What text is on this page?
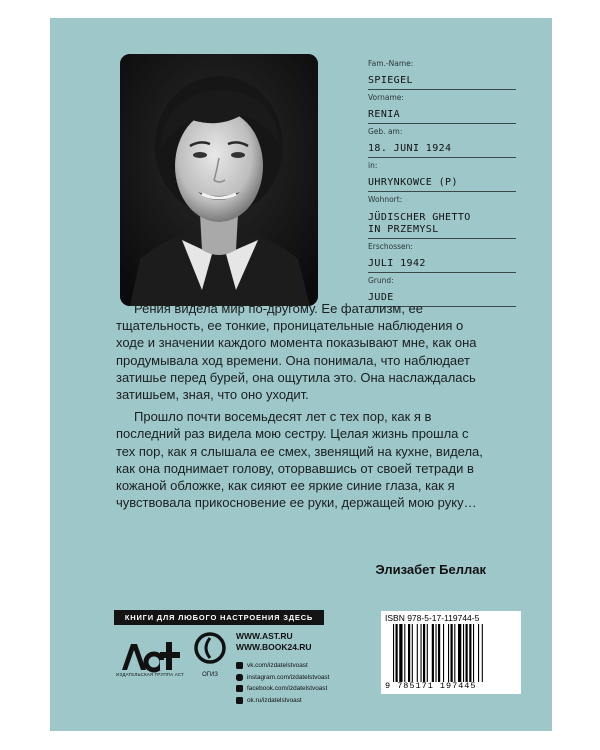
Fam.-Name:
SPIEGEL
Vorname:
RENIA
Geb. am:
18. JUNI 1924
in:
UHRYNKOWCE (P)
Wohnort:
JÜDISCHER GHETTO
IN PRZEMYSL
Erschossen:
JULI 1942
Grund:
JUDE

Рения видела мир по-другому. Ее фатализм, ее тщательность, ее тонкие, проницательные наблюдения о ходе и значении каждого момента показывают мне, как она продумывала ход времени. Она понимала, что наблюдает затишье перед бурей, она ощутила это. Она наслаждалась затишьем, зная, что оно уходит.

Прошло почти восемьдесят лет с тех пор, как я в последний раз видела мою сестру. Целая жизнь прошла с тех пор, как я слышала ее смех, звенящий на кухне, видела, как она поднимает голову, оторвавшись от своей тетради в кожаной обложке, как сияют ее яркие синие глаза, как я чувствовала прикосновение ее руки, держащей мою руку…

Элизабет Беллак
КНИГИ ДЛЯ ЛЮБОГО НАСТРОЕНИЯ ЗДЕСЬ
ИЗДАТЕЛЬСКАЯ ГРУППА АСТ	ОГИЗ
WWW.AST.RU
WWW.BOOK24.RU
vk.com/izdatelstvoast
instagram.com/izdatelstvoast
facebook.com/izdatelstvoast
ok.ru/izdatelstvoast
ISBN 978-5-17-119744-5
9 785171 197445
